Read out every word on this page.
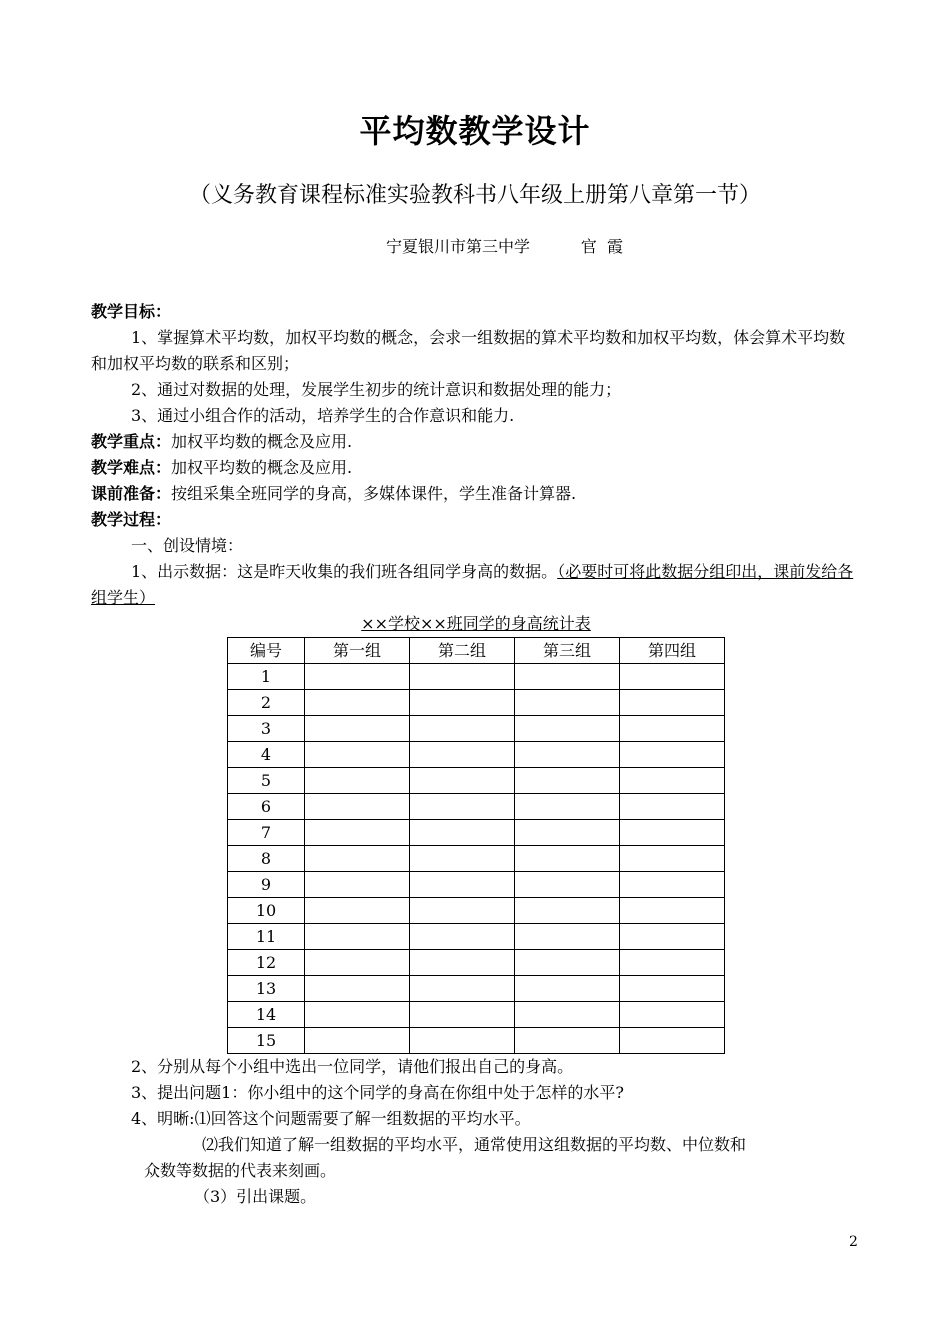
平均数教学设计
（义务教育课程标准实验教科书八年级上册第八章第一节）
宁夏银川市第三中学	官  霞

教学目标：

1、掌握算术平均数，加权平均数的概念，会求一组数据的算术平均数和加权平均数，体会算术平均数和加权平均数的联系和区别；

2、通过对数据的处理，发展学生初步的统计意识和数据处理的能力；

3、通过小组合作的活动，培养学生的合作意识和能力.

教学重点：加权平均数的概念及应用.

教学难点：加权平均数的概念及应用.

课前准备：按组采集全班同学的身高，多媒体课件，学生准备计算器.

教学过程：

一、创设情境：

1、出示数据：这是昨天收集的我们班各组同学身高的数据。（必要时可将此数据分组印出，课前发给各组学生）

××学校××班同学的身高统计表

编号	第一组	第二组	第三组	第四组
1				
2				
3				
4				
5				
6				
7				
8				
9				
10				
11				
12				
13				
14				
15				

2、分别从每个小组中选出一位同学，请他们报出自己的身高。

3、提出问题1：你小组中的这个同学的身高在你组中处于怎样的水平?

4、明晰:⑴回答这个问题需要了解一组数据的平均水平。

⑵我们知道了解一组数据的平均水平，通常使用这组数据的平均数、中位数和

众数等数据的代表来刻画。

（3）引出课题。

2
